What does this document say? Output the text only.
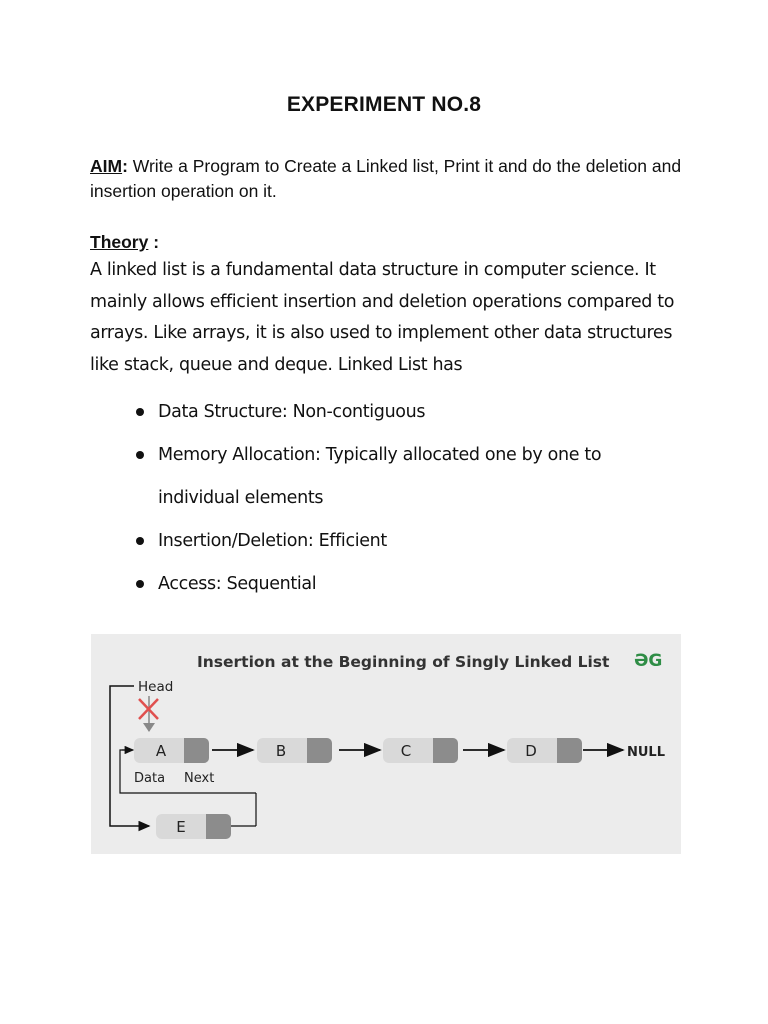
EXPERIMENT NO.8
AIM: Write a Program to Create a Linked list, Print it and do the deletion and insertion operation on it.
Theory :
A linked list is a fundamental data structure in computer science. It mainly allows efficient insertion and deletion operations compared to arrays. Like arrays, it is also used to implement other data structures like stack, queue and deque. Linked List has
Data Structure: Non-contiguous
Memory Allocation: Typically allocated one by one to individual elements
Insertion/Deletion: Efficient
Access: Sequential
Insertion at the Beginning of Singly Linked List ƏG
Head
A	B	C	D	NULL
Data Next
E
